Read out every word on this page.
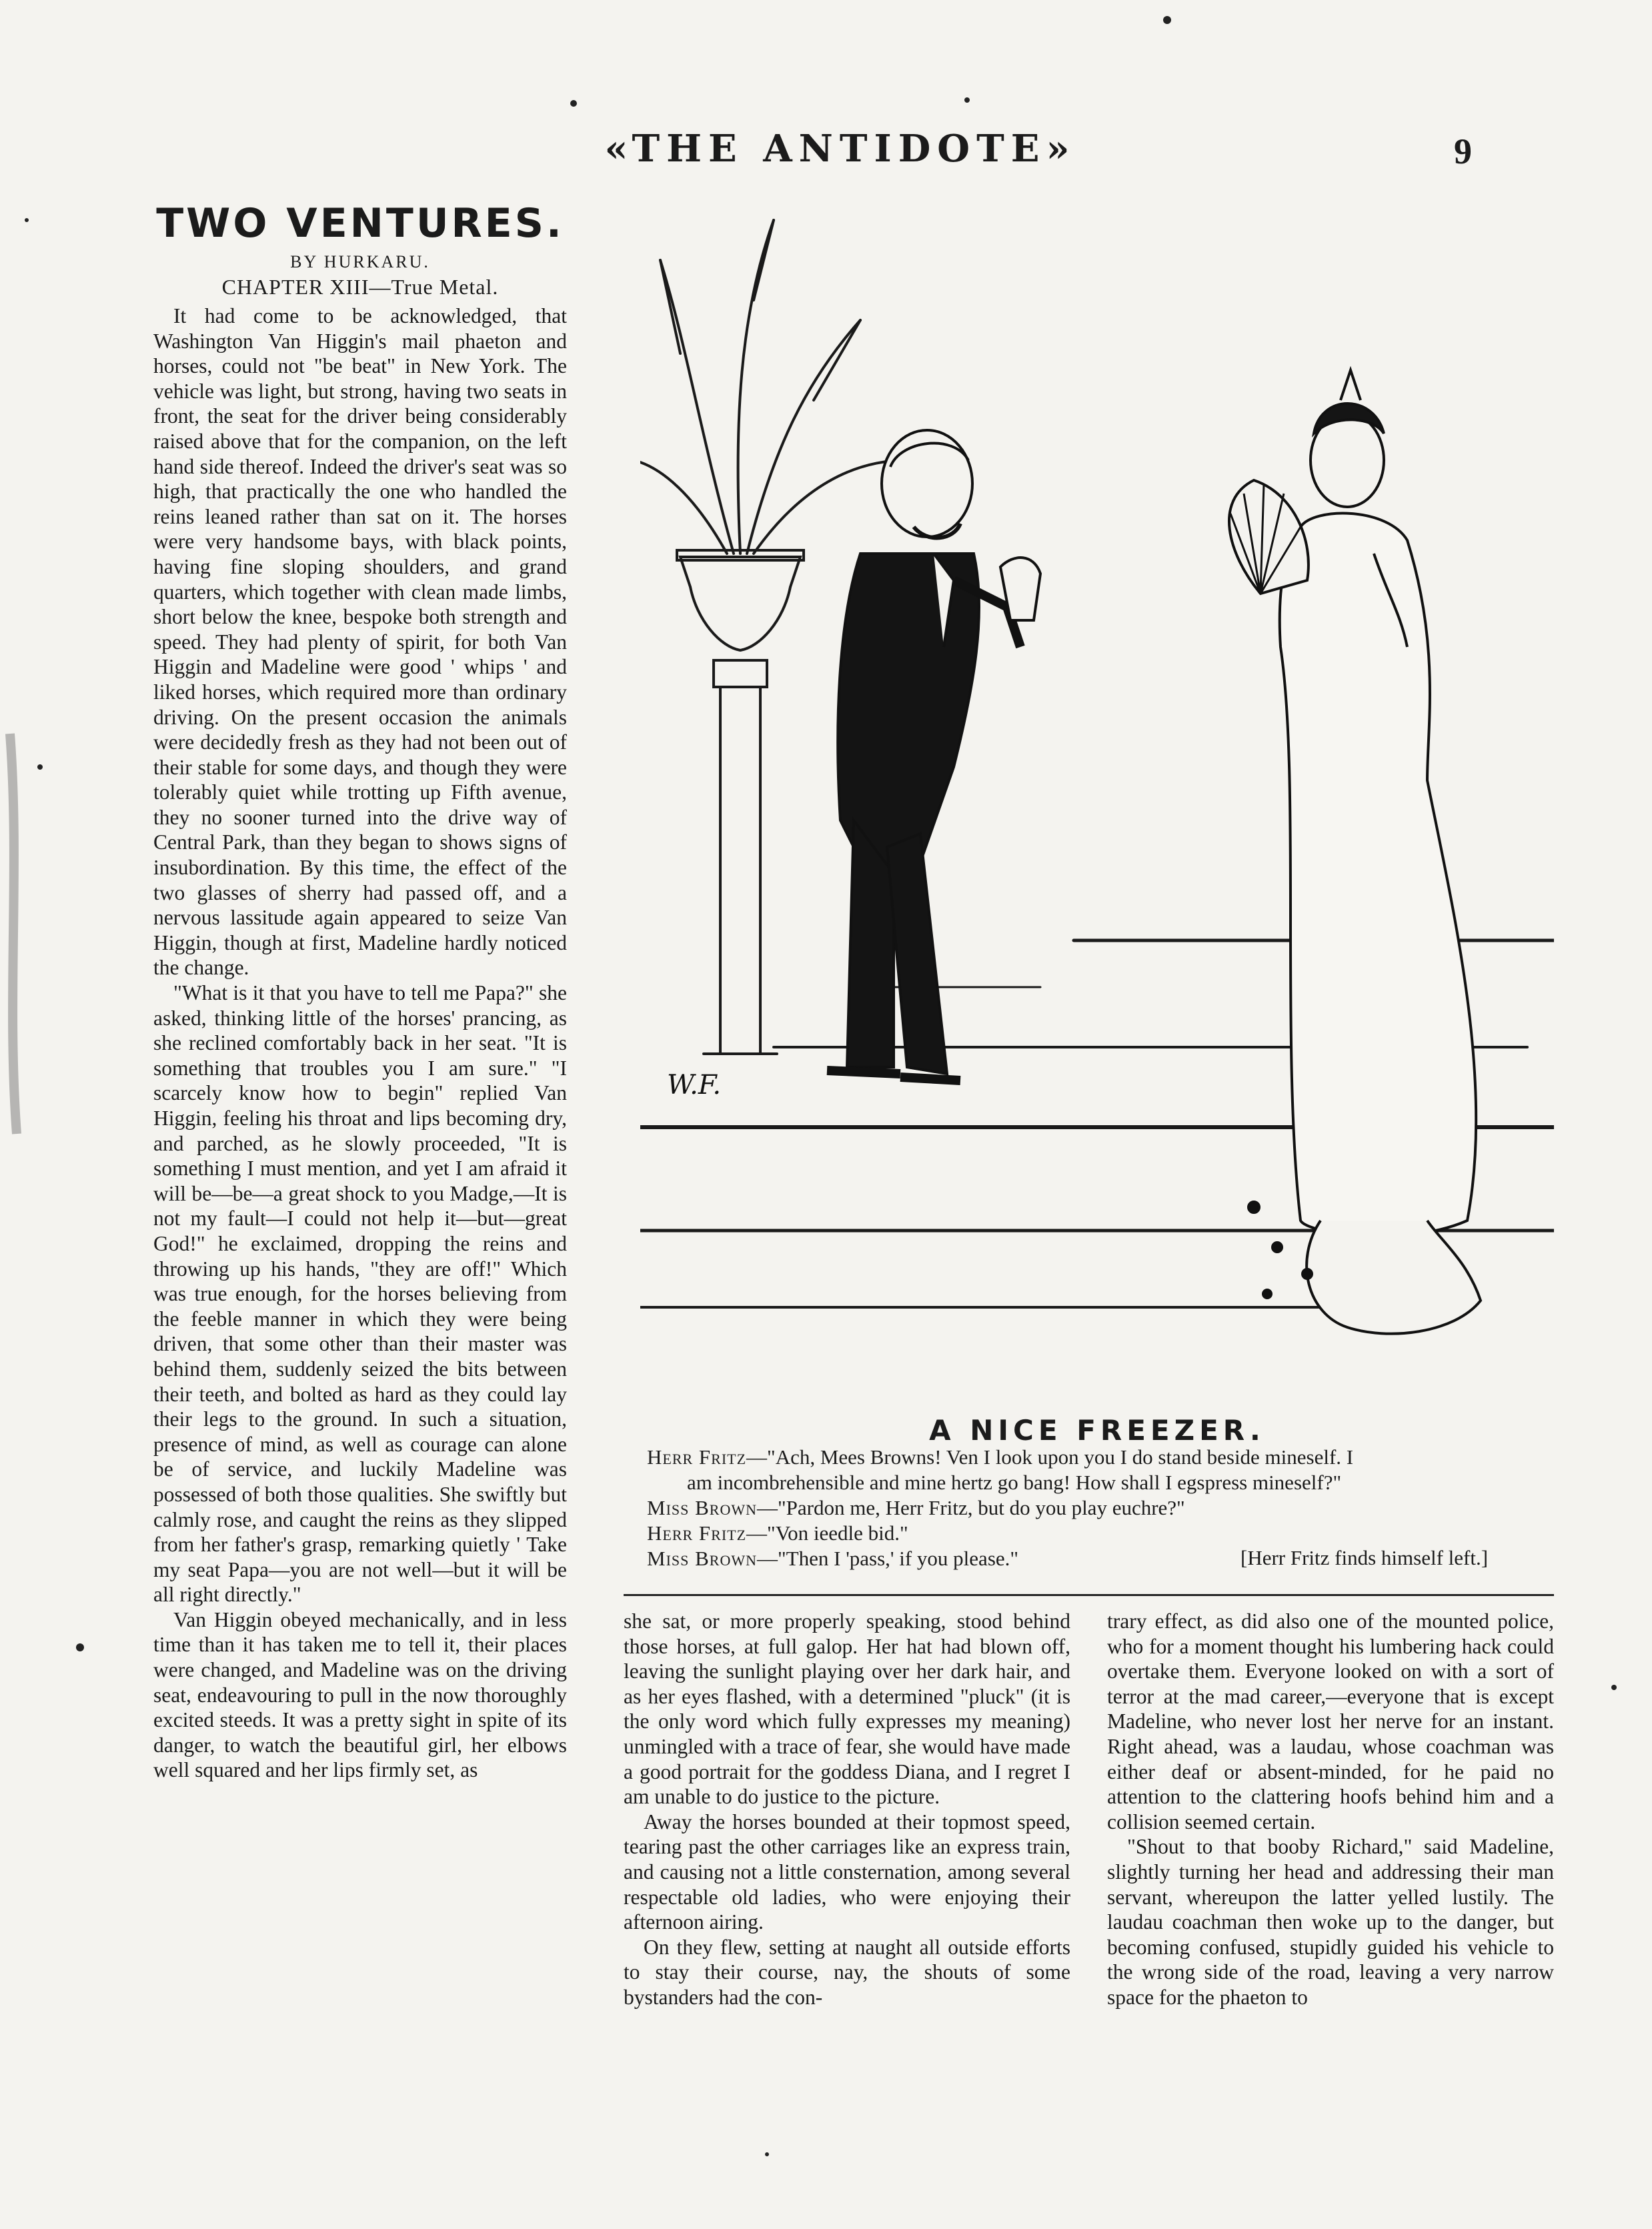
«THE ANTIDOTE»	9
TWO VENTURES.
BY HURKARU.
CHAPTER XIII—True Metal.

It had come to be acknowledged, that Washington Van Higgin's mail phaeton and horses, could not "be beat" in New York. The vehicle was light, but strong, having two seats in front, the seat for the driver being considerably raised above that for the companion, on the left hand side thereof. Indeed the driver's seat was so high, that practically the one who handled the reins leaned rather than sat on it. The horses were very handsome bays, with black points, having fine sloping shoulders, and grand quarters, which together with clean made limbs, short below the knee, bespoke both strength and speed. They had plenty of spirit, for both Van Higgin and Madeline were good ' whips ' and liked horses, which required more than ordinary driving. On the present occasion the animals were decidedly fresh as they had not been out of their stable for some days, and though they were tolerably quiet while trotting up Fifth avenue, they no sooner turned into the drive way of Central Park, than they began to shows signs of insubordination. By this time, the effect of the two glasses of sherry had passed off, and a nervous lassitude again appeared to seize Van Higgin, though at first, Madeline hardly noticed the change.

"What is it that you have to tell me Papa?" she asked, thinking little of the horses' prancing, as she reclined comfortably back in her seat. "It is something that troubles you I am sure." "I scarcely know how to begin" replied Van Higgin, feeling his throat and lips becoming dry, and parched, as he slowly proceeded, "It is something I must mention, and yet I am afraid it will be—be—a great shock to you Madge,—It is not my fault—I could not help it—but—great God!" he exclaimed, dropping the reins and throwing up his hands, "they are off!" Which was true enough, for the horses believing from the feeble manner in which they were being driven, that some other than their master was behind them, suddenly seized the bits between their teeth, and bolted as hard as they could lay their legs to the ground. In such a situation, presence of mind, as well as courage can alone be of service, and luckily Madeline was possessed of both those qualities. She swiftly but calmly rose, and caught the reins as they slipped from her father's grasp, remarking quietly ' Take my seat Papa—you are not well—but it will be all right directly."

Van Higgin obeyed mechanically, and in less time than it has taken me to tell it, their places were changed, and Madeline was on the driving seat, endeavouring to pull in the now thoroughly excited steeds. It was a pretty sight in spite of its danger, to watch the beautiful girl, her elbows well squared and her lips firmly set, as

W.F.
A NICE FREEZER.
Herr Fritz—"Ach, Mees Browns! Ven I look upon you I do stand beside mineself. I
am incombrehensible and mine hertz go bang! How shall I egspress mineself?"
Miss Brown—"Pardon me, Herr Fritz, but do you play euchre?"
Herr Fritz—"Von ieedle bid."
Miss Brown—"Then I 'pass,' if you please."	[Herr Fritz finds himself left.]

she sat, or more properly speaking, stood behind those horses, at full galop. Her hat had blown off, leaving the sunlight playing over her dark hair, and as her eyes flashed, with a determined "pluck" (it is the only word which fully expresses my meaning) unmingled with a trace of fear, she would have made a good portrait for the goddess Diana, and I regret I am unable to do justice to the picture.

Away the horses bounded at their topmost speed, tearing past the other carriages like an express train, and causing not a little consternation, among several respectable old ladies, who were enjoying their afternoon airing.

On they flew, setting at naught all outside efforts to stay their course, nay, the shouts of some bystanders had the con-

trary effect, as did also one of the mounted police, who for a moment thought his lumbering hack could overtake them. Everyone looked on with a sort of terror at the mad career,—everyone that is except Madeline, who never lost her nerve for an instant. Right ahead, was a laudau, whose coachman was either deaf or absent-minded, for he paid no attention to the clattering hoofs behind him and a collision seemed certain.

"Shout to that booby Richard," said Madeline, slightly turning her head and addressing their man servant, whereupon the latter yelled lustily. The laudau coachman then woke up to the danger, but becoming confused, stupidly guided his vehicle to the wrong side of the road, leaving a very narrow space for the phaeton to
